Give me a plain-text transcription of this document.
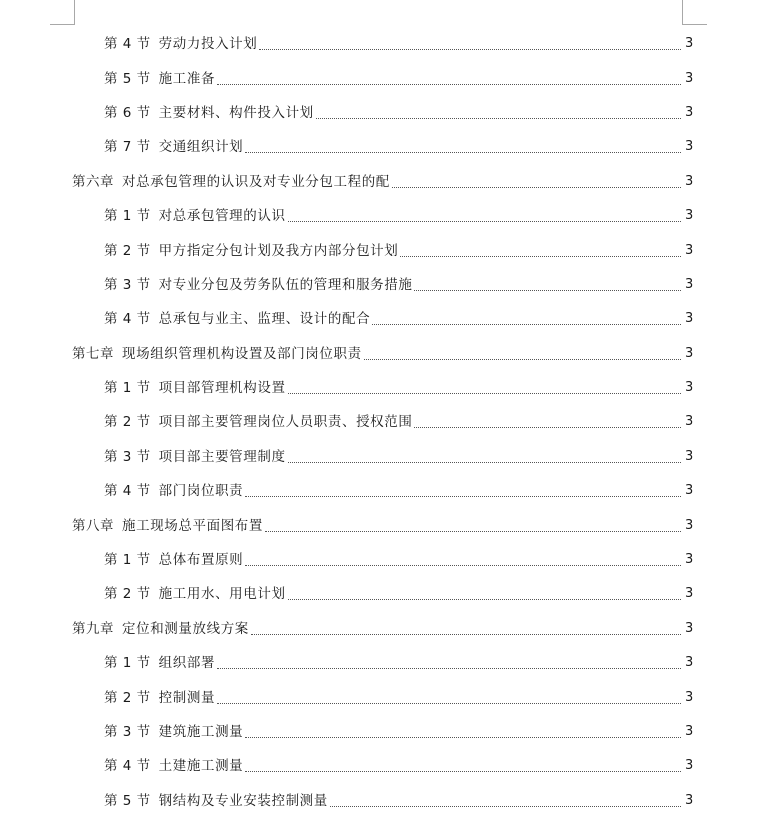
第 4 节 劳动力投入计划	3
第 5 节 施工准备	3
第 6 节 主要材料、构件投入计划	3
第 7 节 交通组织计划	3
第六章 对总承包管理的认识及对专业分包工程的配	3
第 1 节 对总承包管理的认识	3
第 2 节 甲方指定分包计划及我方内部分包计划	3
第 3 节 对专业分包及劳务队伍的管理和服务措施	3
第 4 节 总承包与业主、监理、设计的配合	3
第七章 现场组织管理机构设置及部门岗位职责	3
第 1 节 项目部管理机构设置	3
第 2 节 项目部主要管理岗位人员职责、授权范围	3
第 3 节 项目部主要管理制度	3
第 4 节 部门岗位职责	3
第八章 施工现场总平面图布置	3
第 1 节 总体布置原则	3
第 2 节 施工用水、用电计划	3
第九章 定位和测量放线方案	3
第 1 节 组织部署	3
第 2 节 控制测量	3
第 3 节 建筑施工测量	3
第 4 节 土建施工测量	3
第 5 节 钢结构及专业安装控制测量	3
